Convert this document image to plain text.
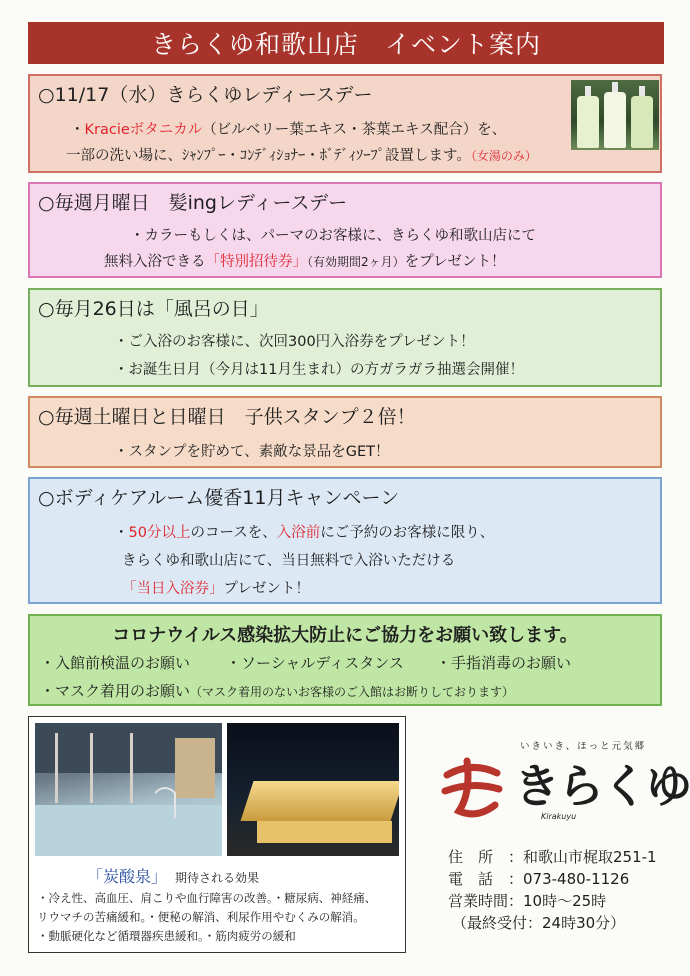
きらくゆ和歌山店　イベント案内
○11/17（水）きらくゆレディースデー
・Kracieボタニカル（ビルベリー葉エキス・茶葉エキス配合）を、
一部の洗い場に、ｼｬﾝﾌﾟｰ・ｺﾝﾃﾞｨｼｮﾅｰ・ﾎﾞﾃﾞｨｿｰﾌﾟ設置します。（女湯のみ）
○毎週月曜日　髪ingレディースデー
・カラーもしくは、パーマのお客様に、きらくゆ和歌山店にて
無料入浴できる「特別招待券」（有効期間2ヶ月）をプレゼント！
○毎月26日は「風呂の日」
・ご入浴のお客様に、次回300円入浴券をプレゼント！
・お誕生日月（今月は11月生まれ）の方ガラガラ抽選会開催！
○毎週土曜日と日曜日　子供スタンプ２倍！
・スタンプを貯めて、素敵な景品をGET！
○ボディケアルーム優香11月キャンペーン
・50分以上のコースを、入浴前にご予約のお客様に限り、
きらくゆ和歌山店にて、当日無料で入浴いただける
「当日入浴券」プレゼント！
コロナウイルス感染拡大防止にご協力をお願い致します。
・入館前検温のお願い ・ソーシャルディスタンス ・手指消毒のお願い
・マスク着用のお願い（マスク着用のないお客様のご入館はお断りしております）
「炭酸泉」 期待される効果
・冷え性、高血圧、肩こりや血行障害の改善。・糖尿病、神経痛、
リウマチの苦痛緩和。・便秘の解消、利尿作用やむくみの解消。
・動脈硬化など循環器疾患緩和。・筋肉疲労の緩和
いきいき、ほっと元気郷
きらくゆ
Kirakuyu
住　所 ：和歌山市梶取251-1
電　話 ：073-480-1126
営業時間：10時～25時
（最終受付：24時30分）
